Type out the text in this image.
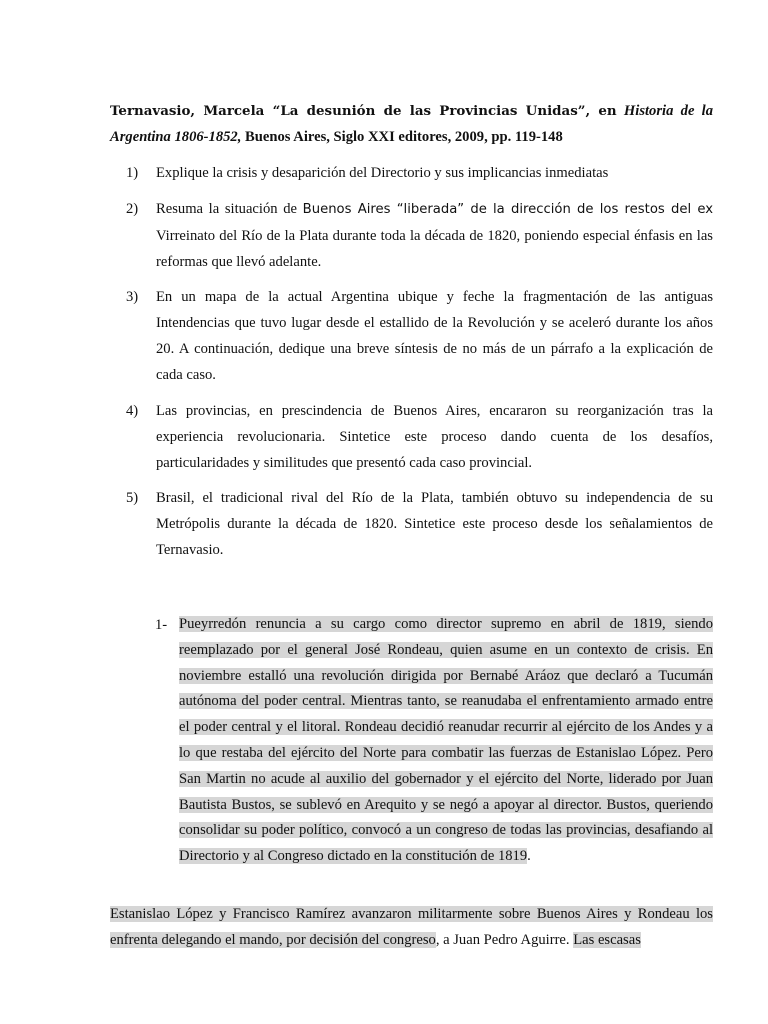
Ternavasio, Marcela “La desunión de las Provincias Unidas”, en Historia de la Argentina 1806-1852, Buenos Aires, Siglo XXI editores, 2009, pp. 119-148
1) Explique la crisis y desaparición del Directorio y sus implicancias inmediatas
2) Resuma la situación de Buenos Aires “liberada” de la dirección de los restos del ex Virreinato del Río de la Plata durante toda la década de 1820, poniendo especial énfasis en las reformas que llevó adelante.
3) En un mapa de la actual Argentina ubique y feche la fragmentación de las antiguas Intendencias que tuvo lugar desde el estallido de la Revolución y se aceleró durante los años 20. A continuación, dedique una breve síntesis de no más de un párrafo a la explicación de cada caso.
4) Las provincias, en prescindencia de Buenos Aires, encararon su reorganización tras la experiencia revolucionaria. Sintetice este proceso dando cuenta de los desafíos, particularidades y similitudes que presentó cada caso provincial.
5) Brasil, el tradicional rival del Río de la Plata, también obtuvo su independencia de su Metrópolis durante la década de 1820. Sintetice este proceso desde los señalamientos de Ternavasio.
1- Pueyrredón renuncia a su cargo como director supremo en abril de 1819, siendo reemplazado por el general José Rondeau, quien asume en un contexto de crisis. En noviembre estalló una revolución dirigida por Bernabé Aráoz que declaró a Tucumán autónoma del poder central. Mientras tanto, se reanudaba el enfrentamiento armado entre el poder central y el litoral. Rondeau decidió reanudar recurrir al ejército de los Andes y a lo que restaba del ejército del Norte para combatir las fuerzas de Estanislao López. Pero San Martin no acude al auxilio del gobernador y el ejército del Norte, liderado por Juan Bautista Bustos, se sublevó en Arequito y se negó a apoyar al director. Bustos, queriendo consolidar su poder político, convocó a un congreso de todas las provincias, desafiando al Directorio y al Congreso dictado en la constitución de 1819.
Estanislao López y Francisco Ramírez avanzaron militarmente sobre Buenos Aires y Rondeau los enfrenta delegando el mando, por decisión del congreso, a Juan Pedro Aguirre. Las escasas
